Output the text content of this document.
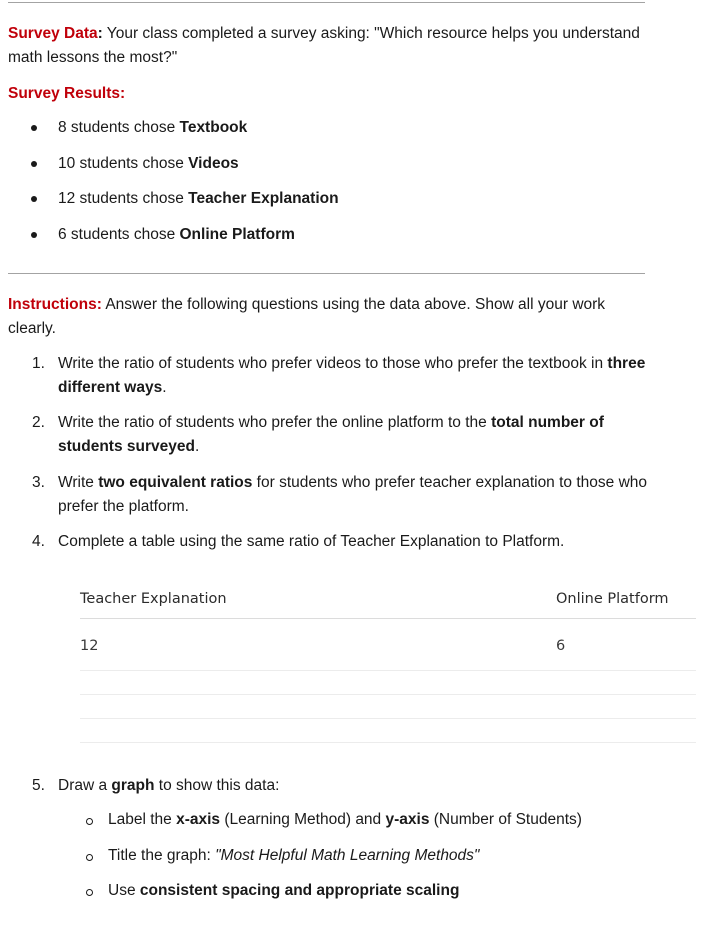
Survey Data: Your class completed a survey asking: "Which resource helps you understand math lessons the most?"
Survey Results:
8 students chose Textbook
10 students chose Videos
12 students chose Teacher Explanation
6 students chose Online Platform
Instructions: Answer the following questions using the data above. Show all your work clearly.
1. Write the ratio of students who prefer videos to those who prefer the textbook in three different ways.
2. Write the ratio of students who prefer the online platform to the total number of students surveyed.
3. Write two equivalent ratios for students who prefer teacher explanation to those who prefer the platform.
4. Complete a table using the same ratio of Teacher Explanation to Platform.
Teacher Explanation	Online Platform
12	6
5. Draw a graph to show this data:
Label the x-axis (Learning Method) and y-axis (Number of Students)
Title the graph: "Most Helpful Math Learning Methods"
Use consistent spacing and appropriate scaling
